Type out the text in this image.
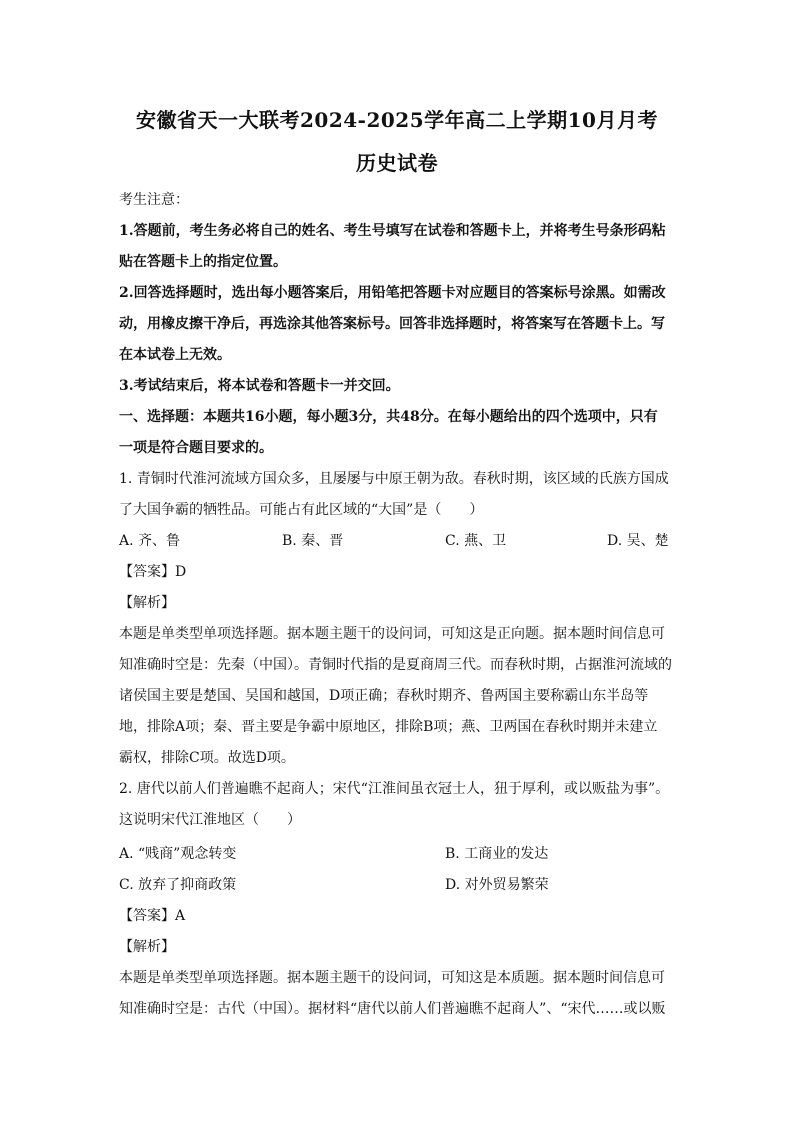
安徽省天一大联考2024-2025学年高二上学期10月月考
历史试卷
考生注意：
1.答题前，考生务必将自己的姓名、考生号填写在试卷和答题卡上，并将考生号条形码粘
贴在答题卡上的指定位置。
2.回答选择题时，选出每小题答案后，用铅笔把答题卡对应题目的答案标号涂黑。如需改
动，用橡皮擦干净后，再选涂其他答案标号。回答非选择题时，将答案写在答题卡上。写
在本试卷上无效。
3.考试结束后，将本试卷和答题卡一并交回。
一、选择题：本题共16小题，每小题3分，共48分。在每小题给出的四个选项中，只有
一项是符合题目要求的。
1. 青铜时代淮河流域方国众多，且屡屡与中原王朝为敌。春秋时期，该区域的氏族方国成
了大国争霸的牺牲品。可能占有此区域的“大国”是（　　）
A. 齐、鲁	B. 秦、晋	C. 燕、卫	D. 吴、楚
【答案】D
【解析】
本题是单类型单项选择题。据本题主题干的设问词，可知这是正向题。据本题时间信息可
知准确时空是：先秦（中国）。青铜时代指的是夏商周三代。而春秋时期，占据淮河流域的
诸侯国主要是楚国、吴国和越国，D项正确；春秋时期齐、鲁两国主要称霸山东半岛等
地，排除A项；秦、晋主要是争霸中原地区，排除B项；燕、卫两国在春秋时期并未建立
霸权，排除C项。故选D项。
2. 唐代以前人们普遍瞧不起商人；宋代“江淮间虽衣冠士人，狃于厚利，或以贩盐为事”。
这说明宋代江淮地区（　　）
A. “贱商”观念转变	B. 工商业的发达
C. 放弃了抑商政策	D. 对外贸易繁荣
【答案】A
【解析】
本题是单类型单项选择题。据本题主题干的设问词，可知这是本质题。据本题时间信息可
知准确时空是：古代（中国）。据材料“唐代以前人们普遍瞧不起商人”、“宋代……或以贩
